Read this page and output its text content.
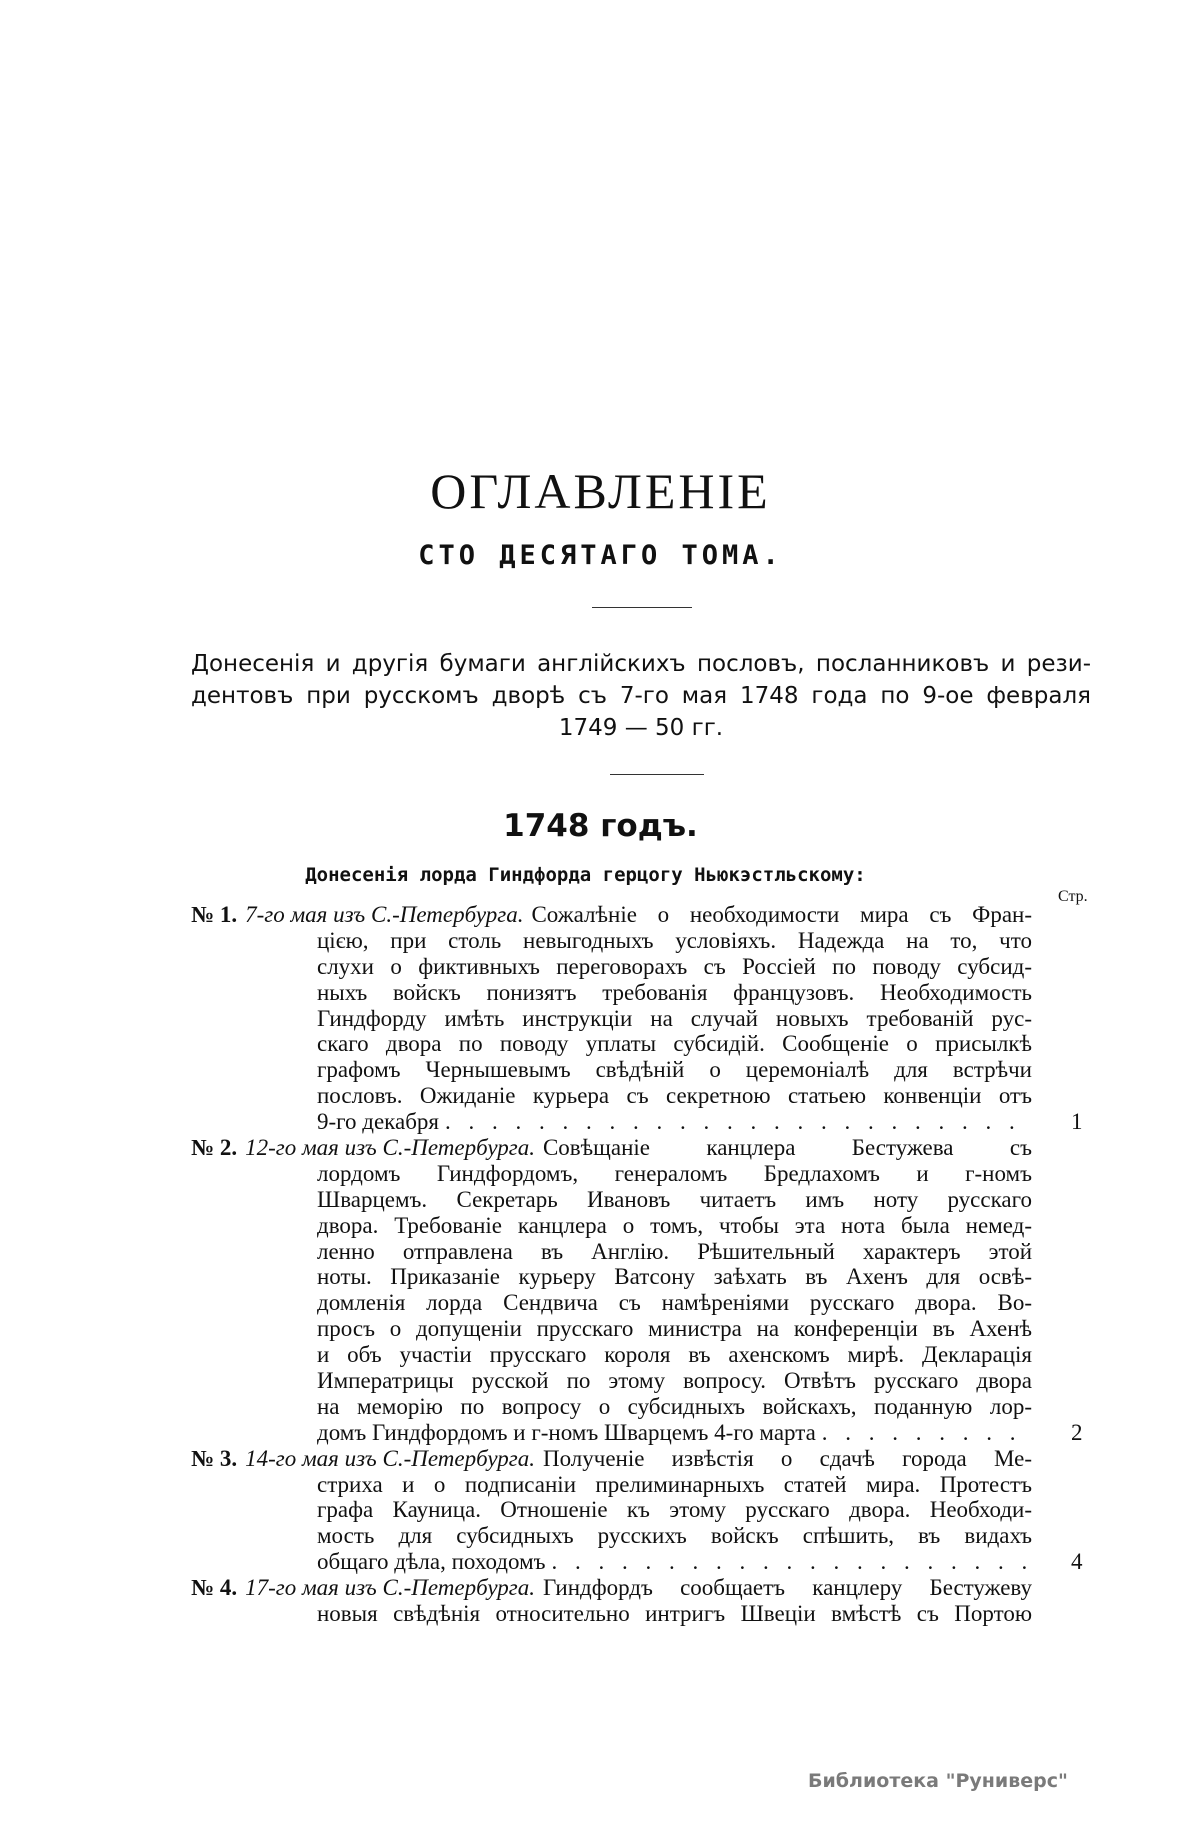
ОГЛАВЛЕНІЕ
СТО ДЕСЯТАГО ТОМА.
Донесенія и другія бумаги англійскихъ пословъ, посланниковъ и рези-
дентовъ при русскомъ дворѣ съ 7-го мая 1748 года по 9-ое февраля
1749 — 50 гг.
1748 годъ.
Донесенія лорда Гиндфорда герцогу Ньюкэстльскому:
Стр.
№ 1. 7-го мая изъ С.-Петербурга. Сожалѣніе о необходимости мира съ Фран-
цією, при столь невыгодныхъ условіяхъ. Надежда на то, что
слухи о фиктивныхъ переговорахъ съ Россіей по поводу субсид-
ныхъ войскъ понизятъ требованія французовъ. Необходимость
Гиндфорду имѣть инструкціи на случай новыхъ требованій рус-
скаго двора по поводу уплаты субсидій. Сообщеніе о присылкѣ
графомъ Чернышевымъ свѣдѣній о церемоніалѣ для встрѣчи
пословъ. Ожиданіе курьера съ секретною статьею конвенціи отъ
9-го декабря . . .	1
№ 2. 12-го мая изъ С.-Петербурга. Совѣщаніе канцлера Бестужева съ
лордомъ Гиндфордомъ, генераломъ Бредлахомъ и г-номъ
Шварцемъ. Секретарь Ивановъ читаетъ имъ ноту русскаго
двора. Требованіе канцлера о томъ, чтобы эта нота была немед-
ленно отправлена въ Англію. Рѣшительный характеръ этой
ноты. Приказаніе курьеру Ватсону заѣхать въ Ахенъ для освѣ-
домленія лорда Сендвича съ намѣреніями русскаго двора. Во-
просъ о допущеніи прусскаго министра на конференціи въ Ахенѣ
и объ участіи прусскаго короля въ ахенскомъ мирѣ. Декларація
Императрицы русской по этому вопросу. Отвѣтъ русскаго двора
на меморію по вопросу о субсидныхъ войскахъ, поданную лор-
домъ Гиндфордомъ и г-номъ Шварцемъ 4-го марта . . .	2
№ 3. 14-го мая изъ С.-Петербурга. Полученіе извѣстія о сдачѣ города Ме-
стриха и о подписаніи прелиминарныхъ статей мира. Протестъ
графа Кауница. Отношеніе къ этому русскаго двора. Необходи-
мость для субсидныхъ русскихъ войскъ спѣшить, въ видахъ
общаго дѣла, походомъ . . .	4
№ 4. 17-го мая изъ С.-Петербурга. Гиндфордъ сообщаетъ канцлеру Бестужеву
новыя свѣдѣнія относительно интригъ Швеціи вмѣстѣ съ Портою
Библиотека "Руниверс"
